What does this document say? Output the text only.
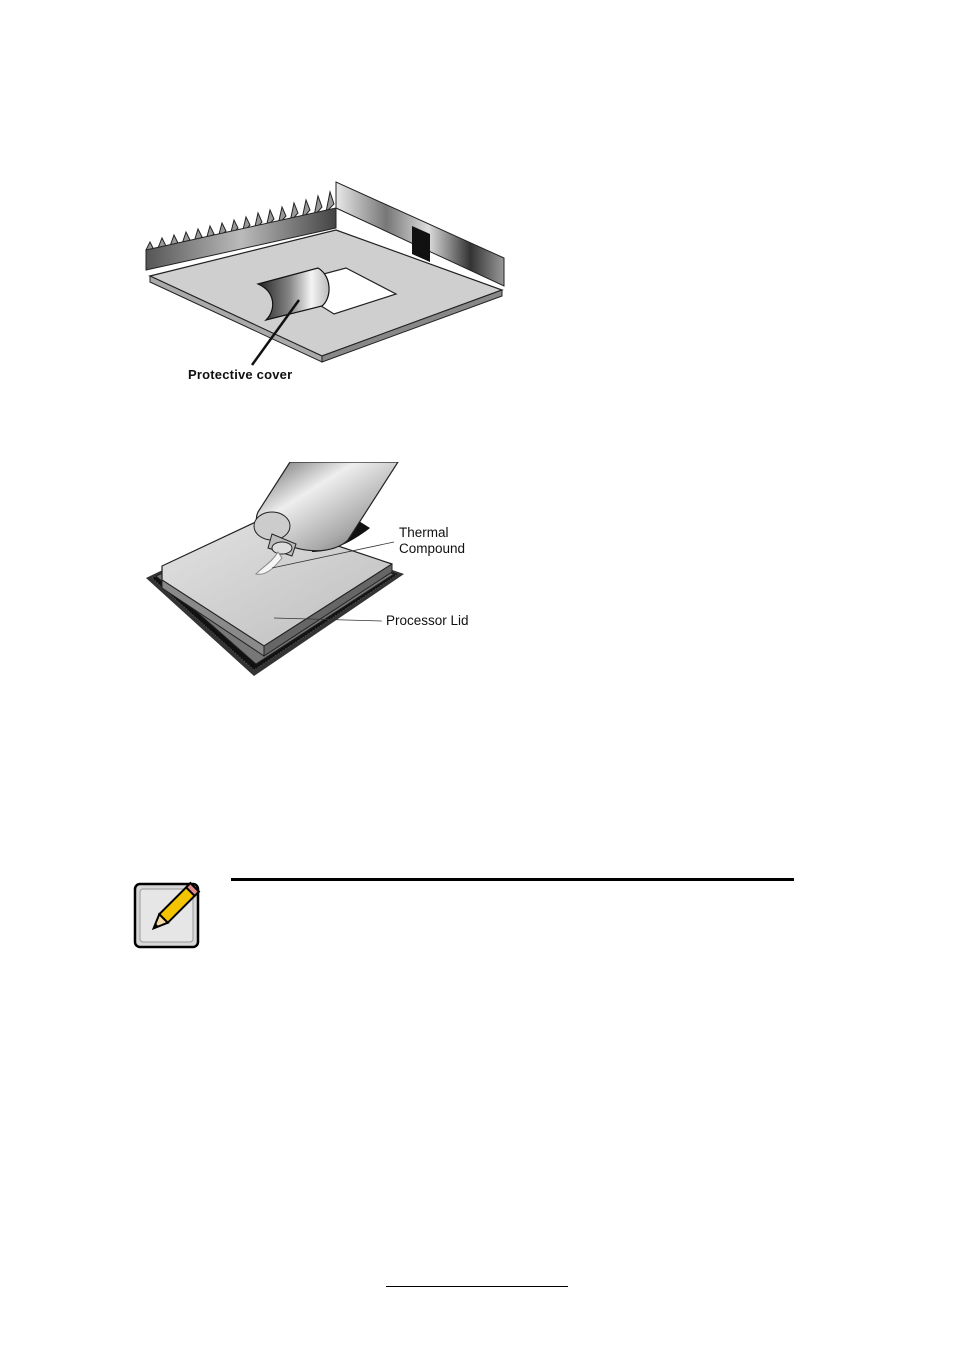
Protective cover
Thermal
Compound
Processor Lid
